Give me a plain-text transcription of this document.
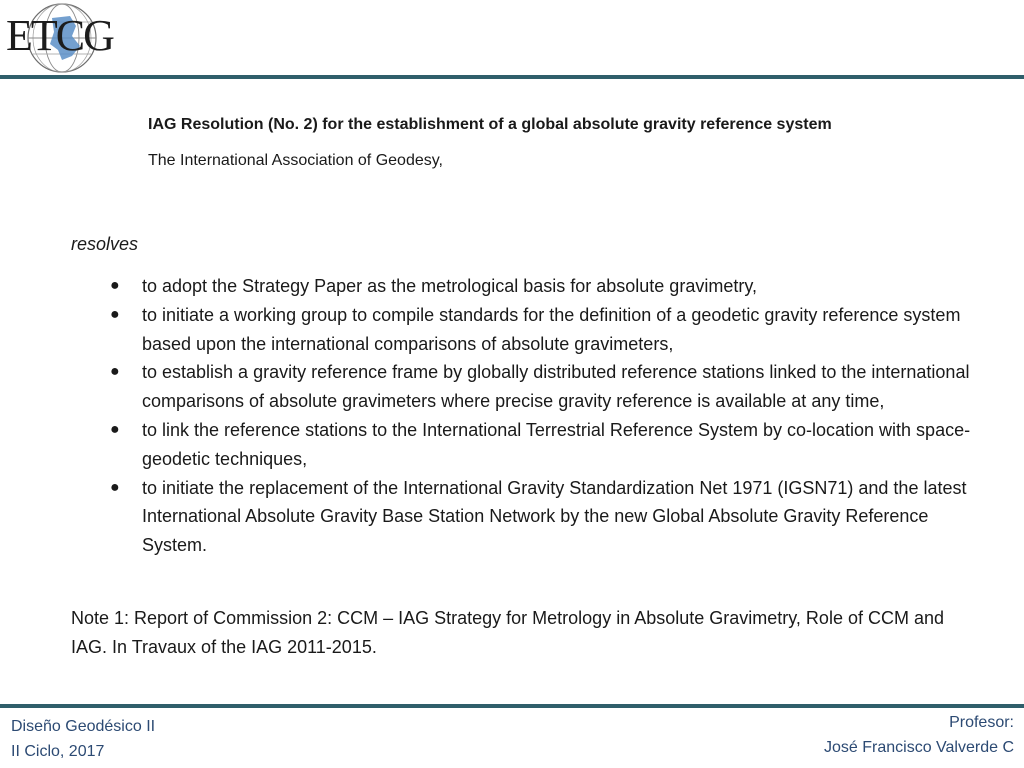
ETCG
IAG Resolution (No. 2) for the establishment of a global absolute gravity reference system
The International Association of Geodesy,
resolves
● to adopt the Strategy Paper as the metrological basis for absolute gravimetry,
● to initiate a working group to compile standards for the definition of a geodetic gravity reference system based upon the international comparisons of absolute gravimeters,
● to establish a gravity reference frame by globally distributed reference stations linked to the international comparisons of absolute gravimeters where precise gravity reference is available at any time,
● to link the reference stations to the International Terrestrial Reference System by co-location with space-geodetic techniques,
● to initiate the replacement of the International Gravity Standardization Net 1971 (IGSN71) and the latest International Absolute Gravity Base Station Network by the new Global Absolute Gravity Reference System.
Note 1: Report of Commission 2: CCM – IAG Strategy for Metrology in Absolute Gravimetry, Role of CCM and IAG. In Travaux of the IAG 2011-2015.
Diseño Geodésico II
II Ciclo, 2017
Profesor:
José Francisco Valverde C
